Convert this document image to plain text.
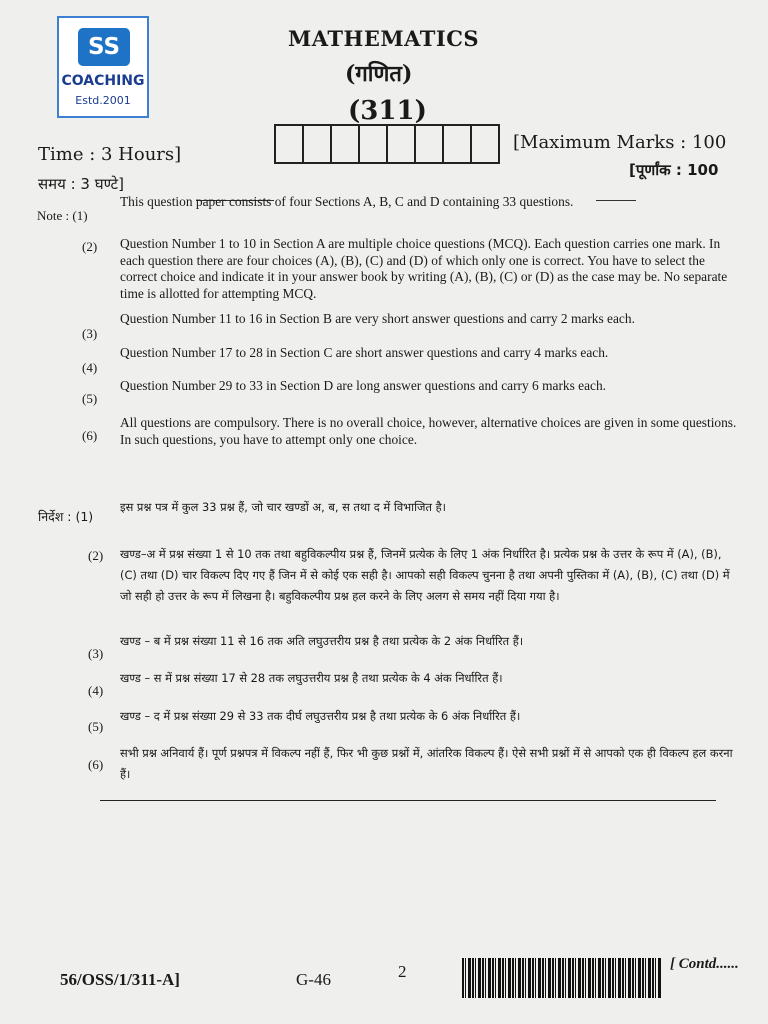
SS
COACHING
Estd.2001
MATHEMATICS
(गणित)
(311)
Time : 3 Hours]
समय : 3 घण्टे]
[Maximum Marks : 100
[पूर्णांक : 100
Note : (1)
This question paper consists of four Sections A, B, C and D containing 33 questions.
(2) Question Number 1 to 10 in Section A are multiple choice questions (MCQ). Each question carries one mark. In each question there are four choices (A), (B), (C) and (D) of which only one is correct. You have to select the correct choice and indicate it in your answer book by writing (A), (B), (C) or (D) as the case may be. No separate time is allotted for attempting MCQ.
(3)
Question Number 11 to 16 in Section B are very short answer questions and carry 2 marks each.
(4)
Question Number 17 to 28 in Section C are short answer questions and carry 4 marks each.
(5)
Question Number 29 to 33 in Section D are long answer questions and carry 6 marks each.
(6)
All questions are compulsory. There is no overall choice, however, alternative choices are given in some questions. In such questions, you have to attempt only one choice.
निर्देश : (1)
इस प्रश्न पत्र में कुल 33 प्रश्न हैं, जो चार खण्डों अ, ब, स तथा द में विभाजित है।
(2) खण्ड–अ में प्रश्न संख्या 1 से 10 तक तथा बहुविकल्पीय प्रश्न हैं, जिनमें प्रत्येक के लिए 1 अंक निर्धारित है। प्रत्येक प्रश्न के उत्तर के रूप में (A), (B), (C) तथा (D) चार विकल्प दिए गए हैं जिन में से कोई एक सही है। आपको सही विकल्प चुनना है तथा अपनी पुस्तिका में (A), (B), (C) तथा (D) में जो सही हो उत्तर के रूप में लिखना है। बहुविकल्पीय प्रश्न हल करने के लिए अलग से समय नहीं दिया गया है।
(3)
खण्ड – ब में प्रश्न संख्या 11 से 16 तक अति लघुउत्तरीय प्रश्न है तथा प्रत्येक के 2 अंक निर्धारित हैं।
(4)
खण्ड – स में प्रश्न संख्या 17 से 28 तक लघुउत्तरीय प्रश्न है तथा प्रत्येक के 4 अंक निर्धारित हैं।
(5)
खण्ड – द में प्रश्न संख्या 29 से 33 तक दीर्घ लघुउत्तरीय प्रश्न है तथा प्रत्येक के 6 अंक निर्धारित हैं।
(6)
सभी प्रश्न अनिवार्य हैं। पूर्ण प्रश्नपत्र में विकल्प नहीं हैं, फिर भी कुछ प्रश्नों में, आंतरिक विकल्प हैं। ऐसे सभी प्रश्नों में से आपको एक ही विकल्प हल करना हैं।
56/OSS/1/311-A]	G-46	2	[ Contd......
